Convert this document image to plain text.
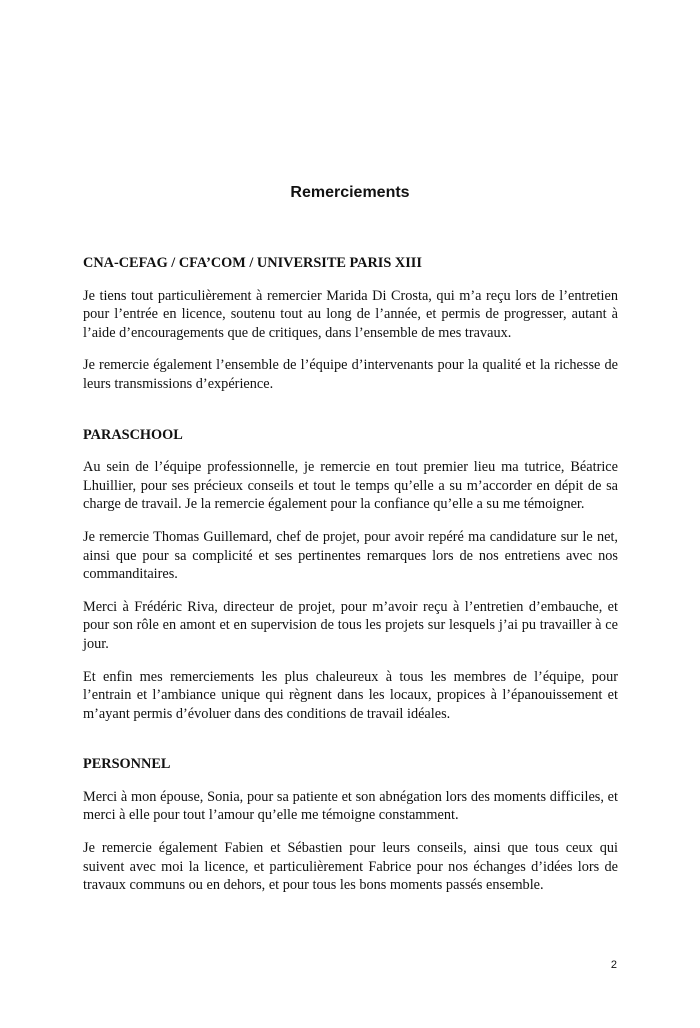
Remerciements

CNA-CEFAG / CFA’COM / UNIVERSITE PARIS XIII

Je tiens tout particulièrement à remercier Marida Di Crosta, qui m’a reçu lors de l’entretien pour l’entrée en licence, soutenu tout au long de l’année, et permis de progresser, autant à l’aide d’encouragements que de critiques, dans l’ensemble de mes travaux.

Je remercie également l’ensemble de l’équipe d’intervenants pour la qualité et la richesse de leurs transmissions d’expérience.

PARASCHOOL

Au sein de l’équipe professionnelle, je remercie en tout premier lieu ma tutrice, Béatrice Lhuillier, pour ses précieux conseils et tout le temps qu’elle a su m’accorder en dépit de sa charge de travail. Je la remercie également pour la confiance qu’elle a su me témoigner.

Je remercie Thomas Guillemard, chef de projet, pour avoir repéré ma candidature sur le net, ainsi que pour sa complicité et ses pertinentes remarques lors de nos entretiens avec nos commanditaires.

Merci à Frédéric Riva, directeur de projet, pour m’avoir reçu à l’entretien d’embauche, et pour son rôle en amont et en supervision de tous les projets sur lesquels j’ai pu travailler à ce jour.

Et enfin mes remerciements les plus chaleureux à tous les membres de l’équipe, pour l’entrain et l’ambiance unique qui règnent dans les locaux, propices à l’épanouissement et m’ayant permis d’évoluer dans des conditions de travail idéales.

PERSONNEL

Merci à mon épouse, Sonia, pour sa patiente et son abnégation lors des moments difficiles, et merci à elle pour tout l’amour qu’elle me témoigne constamment.

Je remercie également Fabien et Sébastien pour leurs conseils, ainsi que tous ceux qui suivent avec moi la licence, et particulièrement Fabrice pour nos échanges d’idées lors de travaux communs ou en dehors, et pour tous les bons moments passés ensemble.

2
